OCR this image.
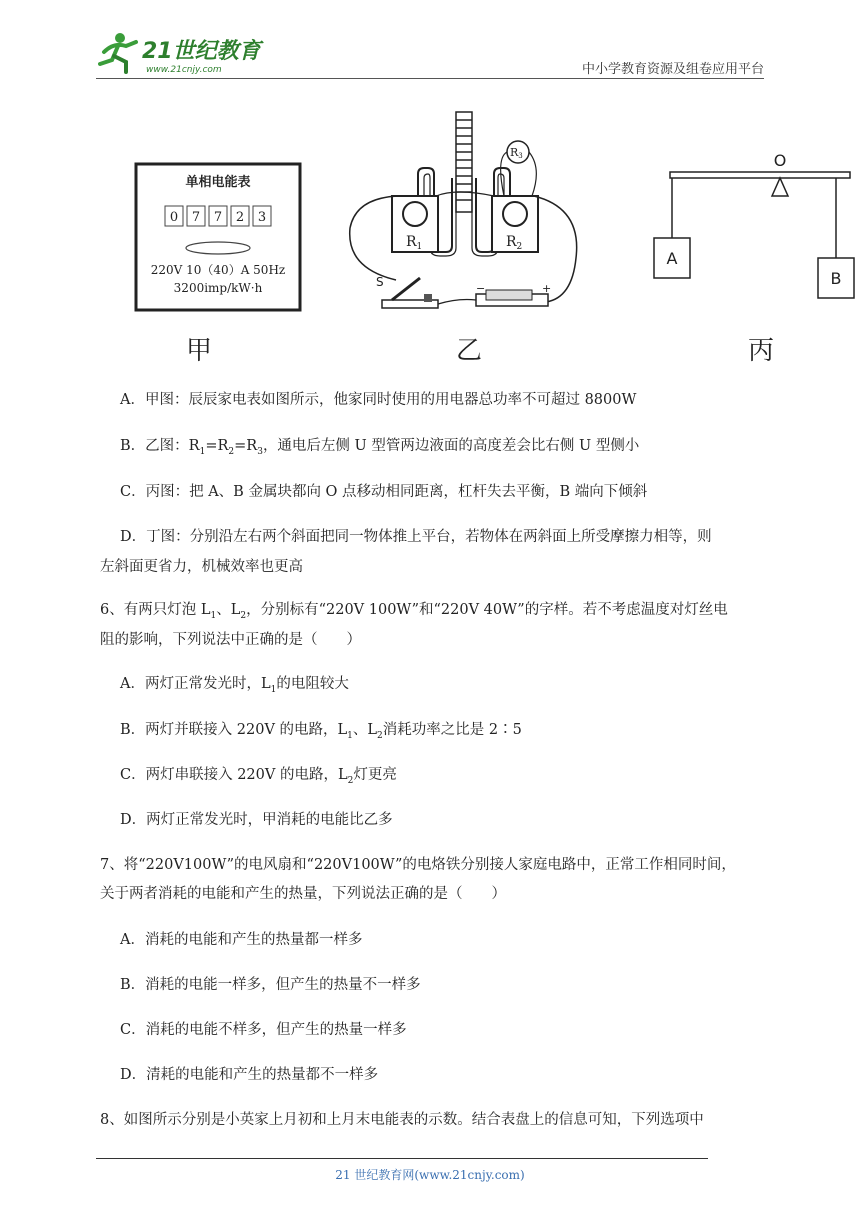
21世纪教育
www.21cnjy.com	中小学教育资源及组卷应用平台
单相电能表
0 7 7 2 3
220V 10（40）A 50Hz
3200imp/kW·h
甲
$R_1$	$R_2$
R3
S	−	+
乙
O
A
B
丙
A．甲图：辰辰家电表如图所示，他家同时使用的用电器总功率不可超过 8800W
B．乙图：$R_1=R_2=R_3$，通电后左侧 U 型管两边液面的高度差会比右侧 U 型侧小
C．丙图：把 A、B 金属块都向 O 点移动相同距离，杠杆失去平衡，B 端向下倾斜
D．丁图：分别沿左右两个斜面把同一物体推上平台，若物体在两斜面上所受摩擦力相等，则
左斜面更省力，机械效率也更高
6、有两只灯泡 $L_1$、$L_2$，分别标有“220V 100W”和“220V 40W”的字样。若不考虑温度对灯丝电
阻的影响，下列说法中正确的是（　　）
A．两灯正常发光时，$L_1$的电阻较大
B．两灯并联接入 220V 的电路，$L_1$、$L_2$消耗功率之比是 2∶5
C．两灯串联接入 220V 的电路，$L_2$灯更亮
D．两灯正常发光时，甲消耗的电能比乙多
7、将“220V100W”的电风扇和“220V100W”的电烙铁分别接人家庭电路中，正常工作相同时间，
关于两者消耗的电能和产生的热量，下列说法正确的是（　　）
A．消耗的电能和产生的热量都一样多
B．消耗的电能一样多，但产生的热量不一样多
C．消耗的电能不样多，但产生的热量一样多
D．清耗的电能和产生的热量都不一样多
8、如图所示分别是小英家上月初和上月末电能表的示数。结合表盘上的信息可知，下列选项中
21 世纪教育网(www.21cnjy.com)
